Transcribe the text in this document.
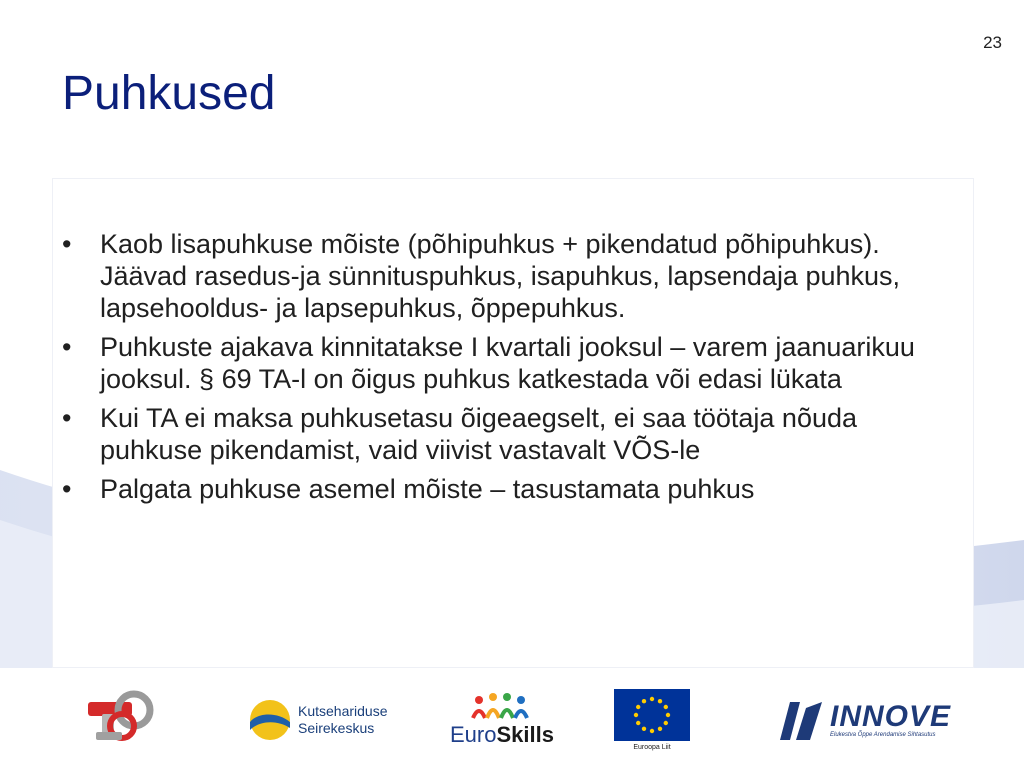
23
Puhkused
•	Kaob lisapuhkuse mõiste (põhipuhkus + pikendatud põhipuhkus). Jäävad rasedus-ja sünnituspuhkus, isapuhkus, lapsendaja puhkus, lapsehooldus- ja lapsepuhkus, õppepuhkus.
•	Puhkuste ajakava kinnitatakse I kvartali jooksul – varem jaanuarikuu jooksul. § 69 TA-l on õigus puhkus katkestada või edasi lükata
•	Kui TA ei maksa puhkusetasu õigeaegselt, ei saa töötaja nõuda puhkuse pikendamist, vaid viivist vastavalt VÕS-le
•	Palgata puhkuse asemel mõiste – tasustamata puhkus
Kutsehariduse
Seirekeskus	EuroSkills
Euroopa Liit
INNOVE
Elukestva Õppe Arendamise Sihtasutus
